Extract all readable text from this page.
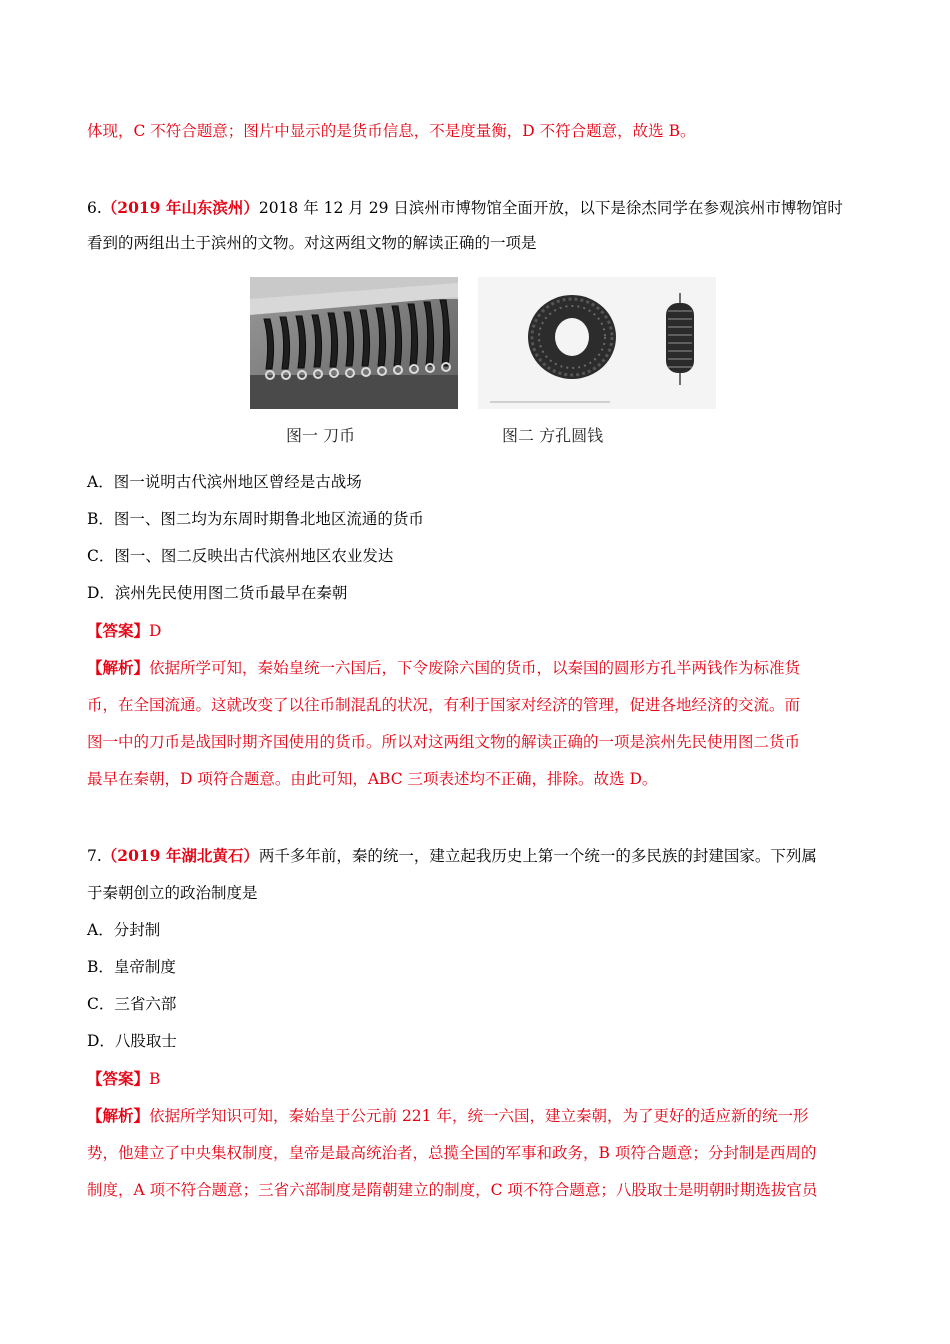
体现，C 不符合题意；图片中显示的是货币信息，不是度量衡，D 不符合题意，故选 B。
6.（2019 年山东滨州）2018 年 12 月 29 日滨州市博物馆全面开放，以下是徐杰同学在参观滨州市博物馆时
看到的两组出土于滨州的文物。对这两组文物的解读正确的一项是
图一 刀币	图二 方孔圆钱
A．图一说明古代滨州地区曾经是古战场
B．图一、图二均为东周时期鲁北地区流通的货币
C．图一、图二反映出古代滨州地区农业发达
D．滨州先民使用图二货币最早在秦朝
【答案】D
【解析】依据所学可知，秦始皇统一六国后，下令废除六国的货币，以秦国的圆形方孔半两钱作为标准货
币，在全国流通。这就改变了以往币制混乱的状况，有利于国家对经济的管理，促进各地经济的交流。而
图一中的刀币是战国时期齐国使用的货币。所以对这两组文物的解读正确的一项是滨州先民使用图二货币
最早在秦朝，D 项符合题意。由此可知，ABC 三项表述均不正确，排除。故选 D。
7.（2019 年湖北黄石）两千多年前，秦的统一，建立起我历史上第一个统一的多民族的封建国家。下列属
于秦朝创立的政治制度是
A．分封制
B．皇帝制度
C．三省六部
D．八股取士
【答案】B
【解析】依据所学知识可知，秦始皇于公元前 221 年，统一六国，建立秦朝，为了更好的适应新的统一形
势，他建立了中央集权制度，皇帝是最高统治者，总揽全国的军事和政务，B 项符合题意；分封制是西周的
制度，A 项不符合题意；三省六部制度是隋朝建立的制度，C 项不符合题意；八股取士是明朝时期选拔官员
